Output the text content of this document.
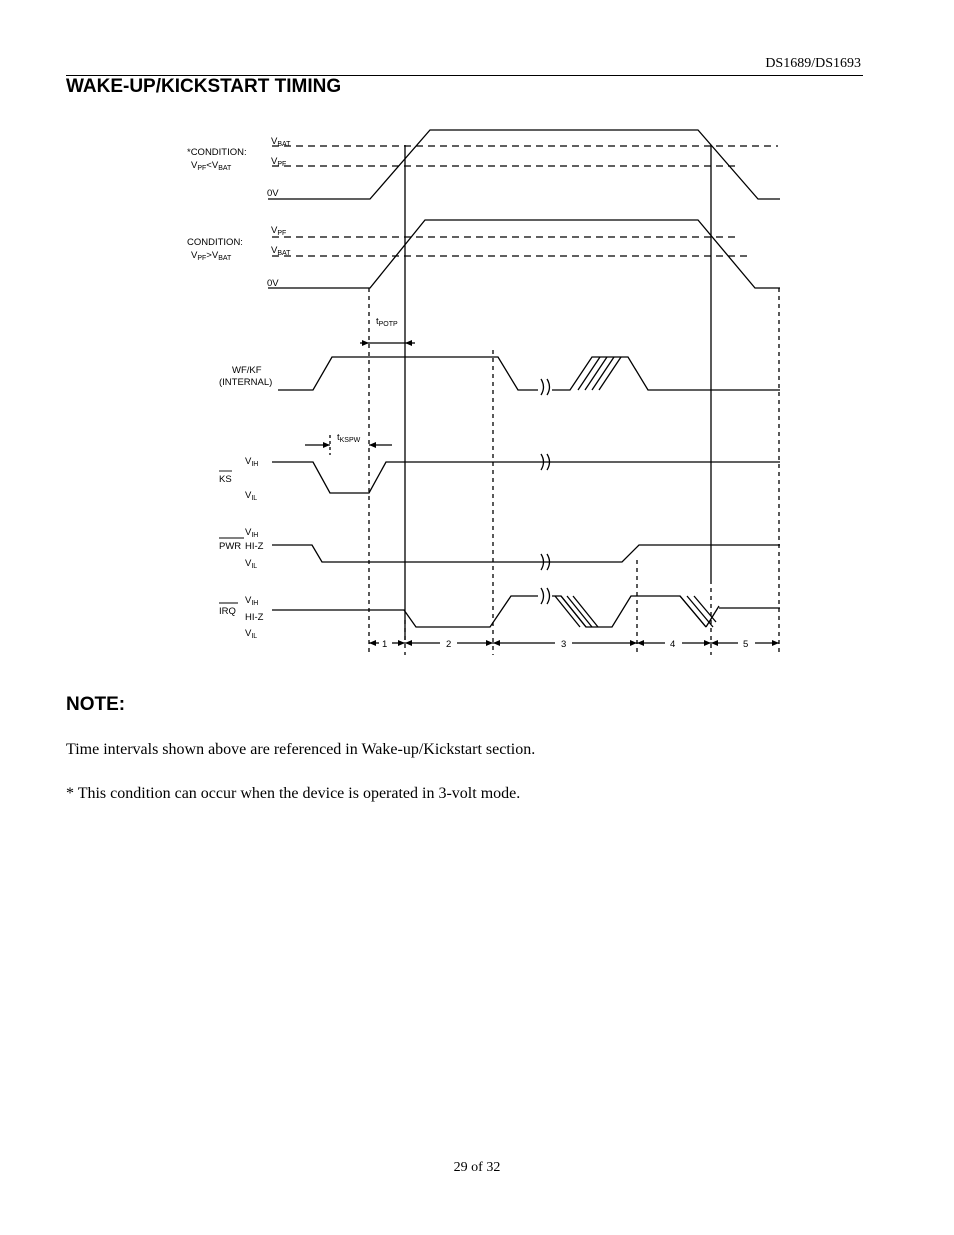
DS1689/DS1693
WAKE-UP/KICKSTART TIMING
*CONDITION:
$V_{PF}<V_{BAT}$
$V_{BAT}$
$V_{PF}$
0V
CONDITION:
$V_{PF}>V_{BAT}$
$V_{PF}$
$V_{BAT}$
0V
$t_{POTP}$
WF/KF
(INTERNAL)
$t_{KSPW}$
$V_{IH}$
KS
$V_{IL}$
$V_{IH}$
PWR HI-Z
$V_{IL}$
$V_{IH}$
IRQ
HI-Z
$V_{IL}$
1	2	3	4	5
NOTE:

Time intervals shown above are referenced in Wake-up/Kickstart section.

* This condition can occur when the device is operated in 3-volt mode.

29 of 32
